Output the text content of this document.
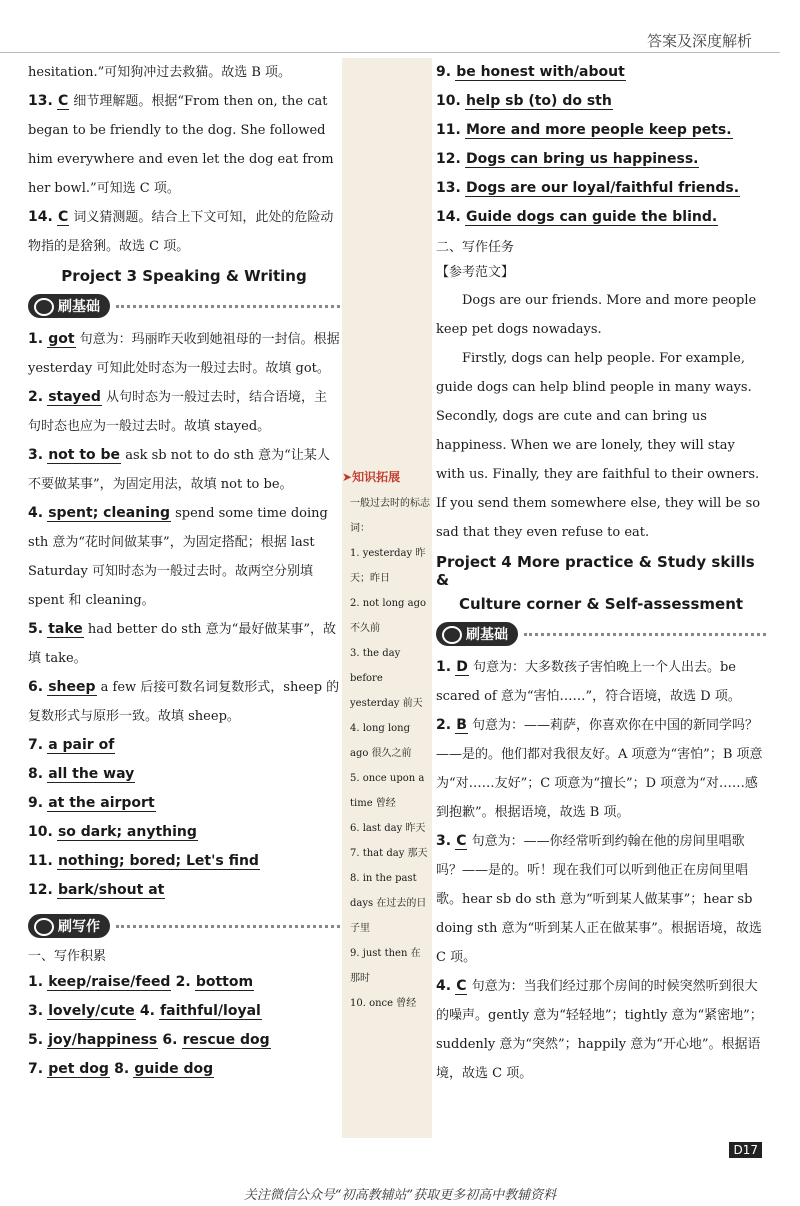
答案及深度解析

hesitation.”可知狗冲过去救猫。故选 B 项。

13. C 细节理解题。根据“From then on, the cat began to be friendly to the dog. She followed him everywhere and even let the dog eat from her bowl.”可知选 C 项。

14. C 词义猜测题。结合上下文可知，此处的危险动物指的是猞猁。故选 C 项。

Project 3 Speaking & Writing
刷基础

1. got 句意为：玛丽昨天收到她祖母的一封信。根据 yesterday 可知此处时态为一般过去时。故填 got。

2. stayed 从句时态为一般过去时，结合语境，主句时态也应为一般过去时。故填 stayed。

3. not to be ask sb not to do sth 意为“让某人不要做某事”，为固定用法，故填 not to be。

4. spent; cleaning spend some time doing sth 意为“花时间做某事”，为固定搭配；根据 last Saturday 可知时态为一般过去时。故两空分别填 spent 和 cleaning。

5. take had better do sth 意为“最好做某事”，故填 take。

6. sheep a few 后接可数名词复数形式，sheep 的复数形式与原形一致。故填 sheep。

7. a pair of

8. all the way

9. at the airport

10. so dark; anything

11. nothing; bored; Let's find

12. bark/shout at

刷写作
一、写作积累

1. keep/raise/feed 2. bottom

3. lovely/cute 4. faithful/loyal

5. joy/happiness 6. rescue dog

7. pet dog 8. guide dog

➤知识拓展
一般过去时的标志词：
1. yesterday 昨天；昨日
2. not long ago 不久前
3. the day before yesterday 前天
4. long long ago 很久之前
5. once upon a time 曾经
6. last day 昨天
7. that day 那天
8. in the past days 在过去的日子里
9. just then 在那时
10. once 曾经

9. be honest with/about

10. help sb (to) do sth

11. More and more people keep pets.

12. Dogs can bring us happiness.

13. Dogs are our loyal/faithful friends.

14. Guide dogs can guide the blind.

二、写作任务
【参考范文】

Dogs are our friends. More and more people keep pet dogs nowadays.

Firstly, dogs can help people. For example, guide dogs can help blind people in many ways. Secondly, dogs are cute and can bring us happiness. When we are lonely, they will stay with us. Finally, they are faithful to their owners. If you send them somewhere else, they will be so sad that they even refuse to eat.

Project 4 More practice & Study skills &
Culture corner & Self-assessment
刷基础

1. D 句意为：大多数孩子害怕晚上一个人出去。be scared of 意为“害怕……”，符合语境，故选 D 项。

2. B 句意为：——莉萨，你喜欢你在中国的新同学吗？——是的。他们都对我很友好。A 项意为“害怕”；B 项意为“对……友好”；C 项意为“擅长”；D 项意为“对……感到抱歉”。根据语境，故选 B 项。

3. C 句意为：——你经常听到约翰在他的房间里唱歌吗？——是的。听！现在我们可以听到他正在房间里唱歌。hear sb do sth 意为“听到某人做某事”；hear sb doing sth 意为“听到某人正在做某事”。根据语境，故选 C 项。

4. C 句意为：当我们经过那个房间的时候突然听到很大的噪声。gently 意为“轻轻地”；tightly 意为“紧密地”；suddenly 意为“突然”；happily 意为“开心地”。根据语境，故选 C 项。

D17
关注微信公众号“初高教辅站”获取更多初高中教辅资料
